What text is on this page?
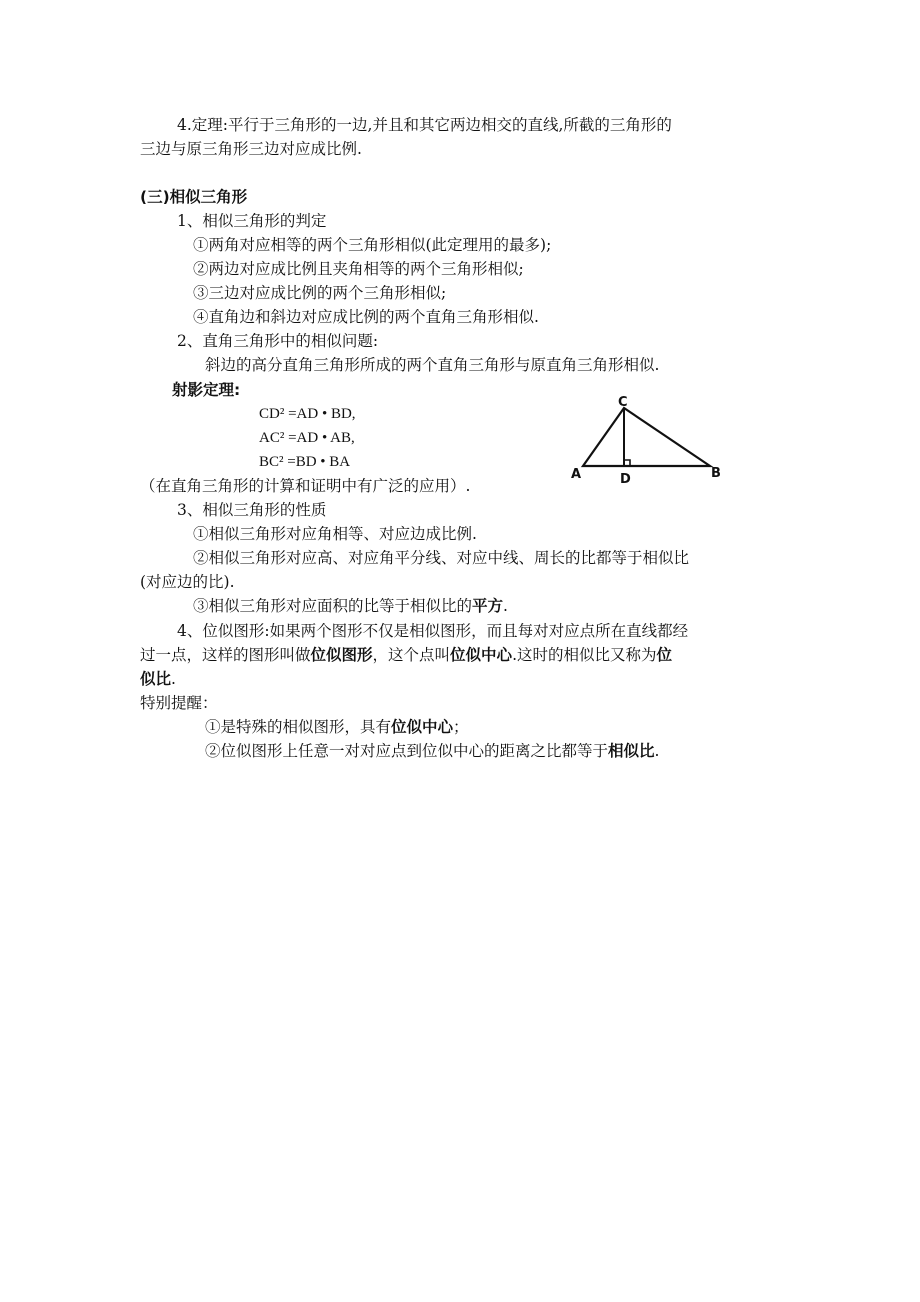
4.定理:平行于三角形的一边,并且和其它两边相交的直线,所截的三角形的
三边与原三角形三边对应成比例.
(三)相似三角形
1、相似三角形的判定
①两角对应相等的两个三角形相似(此定理用的最多);
②两边对应成比例且夹角相等的两个三角形相似;
③三边对应成比例的两个三角形相似;
④直角边和斜边对应成比例的两个直角三角形相似.
2、直角三角形中的相似问题:
斜边的高分直角三角形所成的两个直角三角形与原直角三角形相似.
射影定理:
CD² =AD • BD,
AC² =AD • AB,
BC² =BD • BA
（在直角三角形的计算和证明中有广泛的应用）.
C
A	D	B
3、相似三角形的性质
①相似三角形对应角相等、对应边成比例.
②相似三角形对应高、对应角平分线、对应中线、周长的比都等于相似比
(对应边的比).
③相似三角形对应面积的比等于相似比的平方.
4、位似图形:如果两个图形不仅是相似图形，而且每对对应点所在直线都经
过一点，这样的图形叫做位似图形，这个点叫位似中心.这时的相似比又称为位
似比.
特别提醒：
①是特殊的相似图形，具有位似中心；
②位似图形上任意一对对应点到位似中心的距离之比都等于相似比.
